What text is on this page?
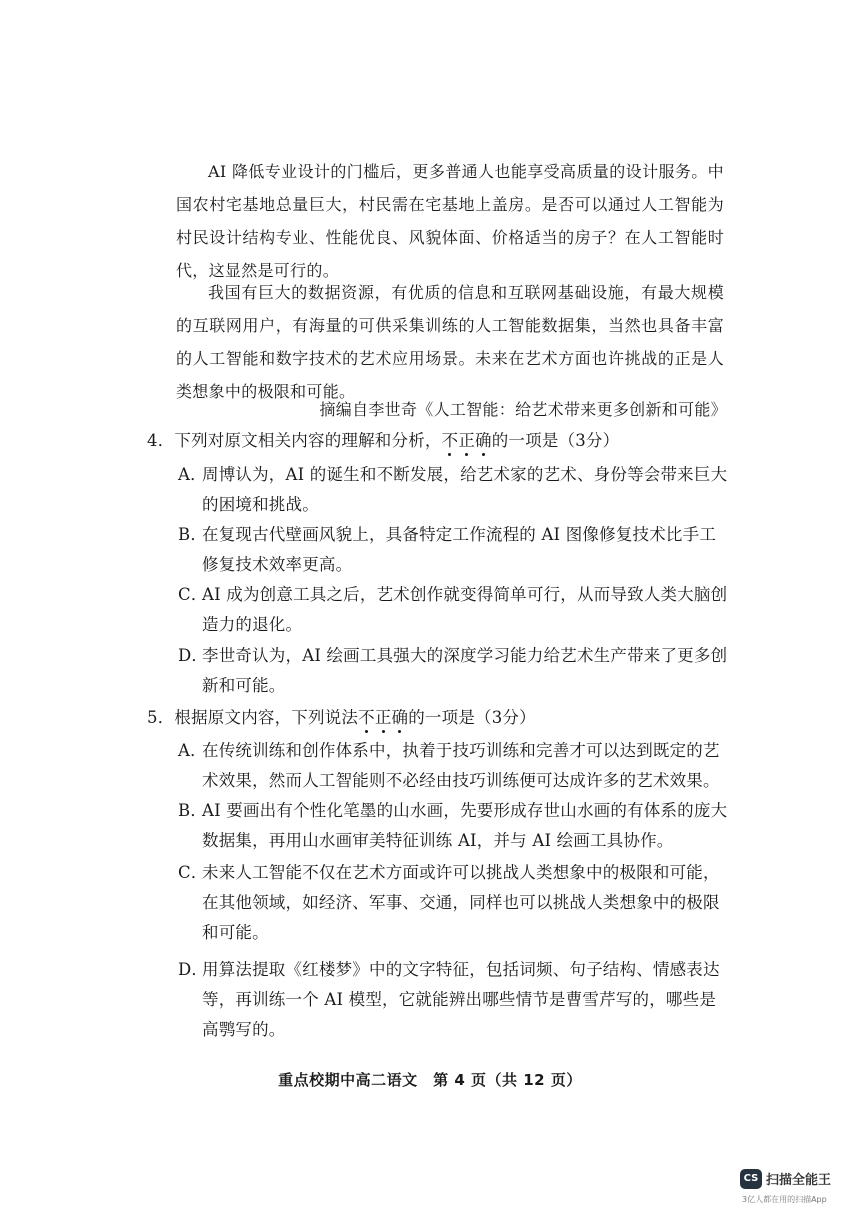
AI 降低专业设计的门槛后，更多普通人也能享受高质量的设计服务。中国农村宅基地总量巨大，村民需在宅基地上盖房。是否可以通过人工智能为村民设计结构专业、性能优良、风貌体面、价格适当的房子？在人工智能时代，这显然是可行的。

我国有巨大的数据资源，有优质的信息和互联网基础设施，有最大规模的互联网用户，有海量的可供采集训练的人工智能数据集，当然也具备丰富的人工智能和数字技术的艺术应用场景。未来在艺术方面也许挑战的正是人类想象中的极限和可能。

摘编自李世奇《人工智能：给艺术带来更多创新和可能》
4．下列对原文相关内容的理解和分析，不正确的一项是（3分）
A．
周博认为，AI 的诞生和不断发展，给艺术家的艺术、身份等会带来巨大的困境和挑战。
B．
在复现古代壁画风貌上，具备特定工作流程的 AI 图像修复技术比手工修复技术效率更高。
C．
AI 成为创意工具之后，艺术创作就变得简单可行，从而导致人类大脑创造力的退化。
D．
李世奇认为，AI 绘画工具强大的深度学习能力给艺术生产带来了更多创新和可能。
5．根据原文内容，下列说法不正确的一项是（3分）
A．
在传统训练和创作体系中，执着于技巧训练和完善才可以达到既定的艺术效果，然而人工智能则不必经由技巧训练便可达成许多的艺术效果。
B．
AI 要画出有个性化笔墨的山水画，先要形成存世山水画的有体系的庞大数据集，再用山水画审美特征训练 AI，并与 AI 绘画工具协作。
C．
未来人工智能不仅在艺术方面或许可以挑战人类想象中的极限和可能，在其他领域，如经济、军事、交通，同样也可以挑战人类想象中的极限和可能。
D．
用算法提取《红楼梦》中的文字特征，包括词频、句子结构、情感表达等，再训练一个 AI 模型，它就能辨出哪些情节是曹雪芹写的，哪些是高鹗写的。
重点校期中高二语文　第 4 页（共 12 页）
CS 扫描全能王
3亿人都在用的扫描App
